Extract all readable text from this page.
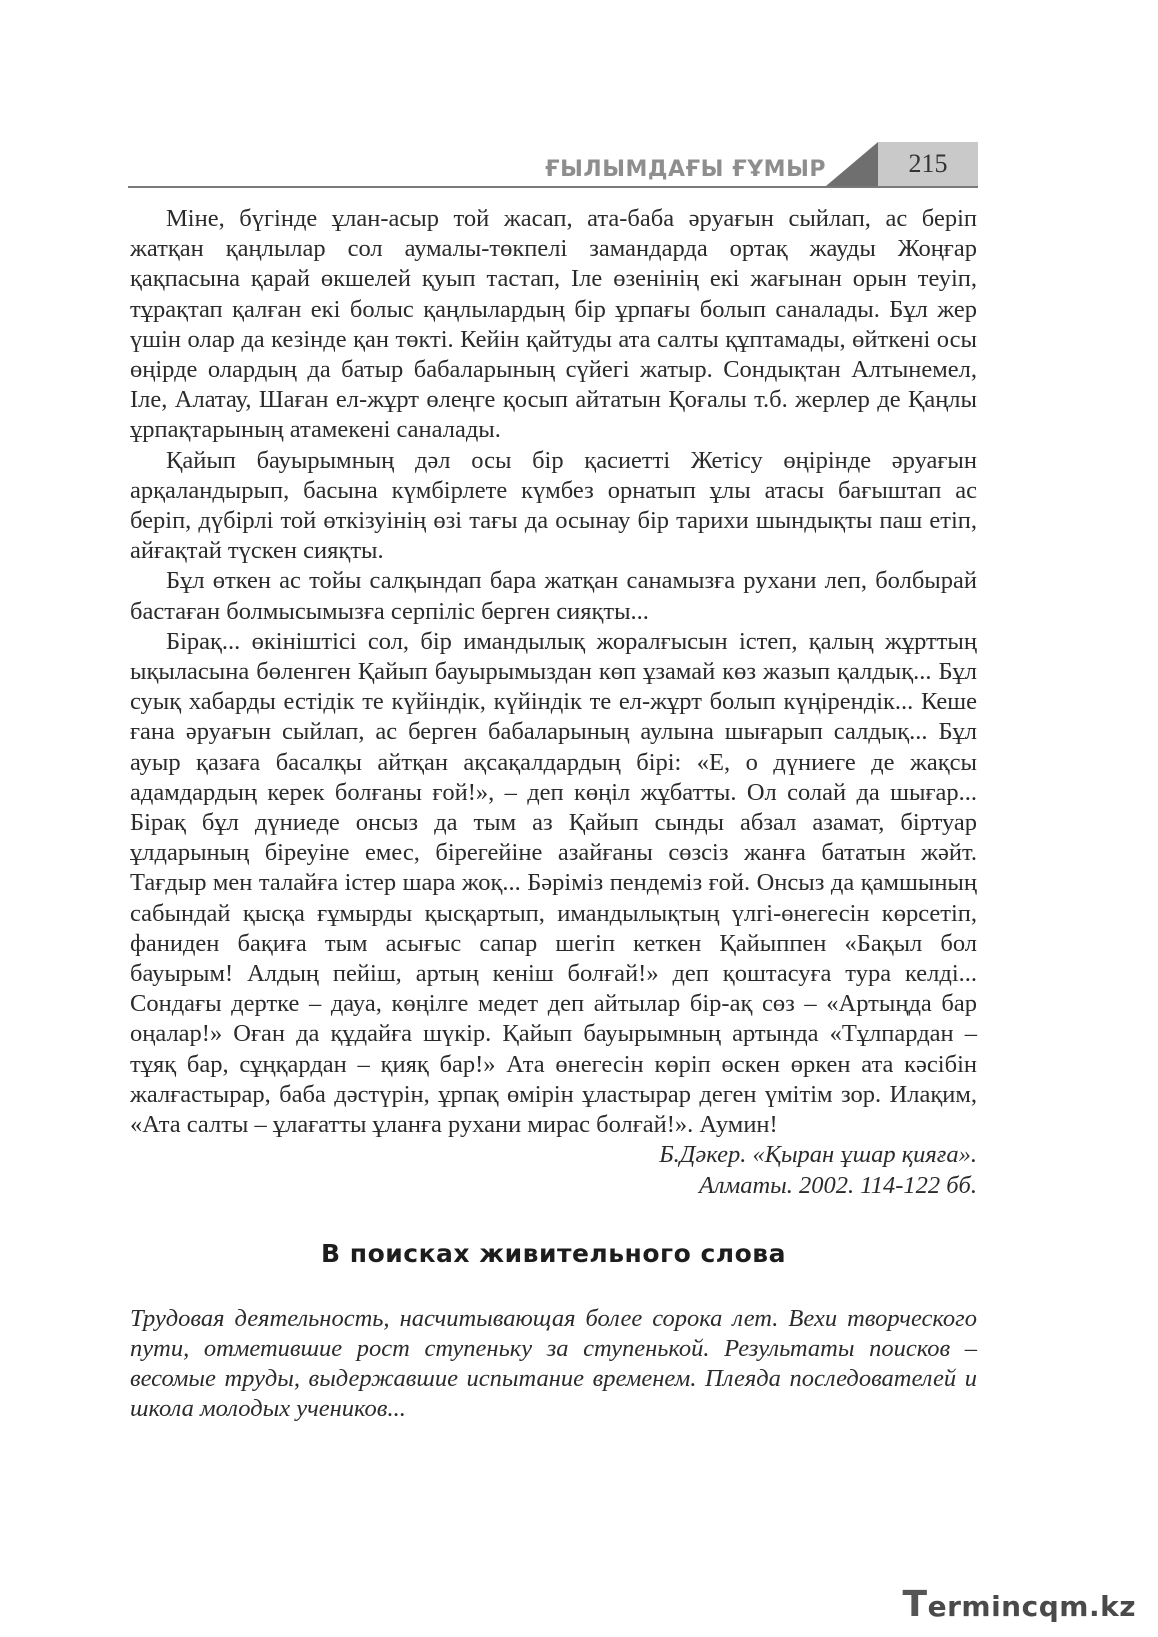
ҒЫЛЫМДАҒЫ ҒҰМЫР	215

Міне, бүгінде ұлан-асыр той жасап, ата-баба әруағын сыйлап, ас беріп жатқан қаңлылар сол аумалы-төкпелі замандарда ортақ жауды Жоңғар қақпасына қарай өкшелей қуып тастап, Іле өзенінің екі жағынан орын теуіп, тұрақтап қалған екі болыс қаңлылардың бір ұрпағы болып саналады. Бұл жер үшін олар да кезінде қан төкті. Кейін қайтуды ата салты құптамады, өйткені осы өңірде олардың да батыр бабаларының сүйегі жатыр. Сондықтан Алтынемел, Іле, Алатау, Шаған ел-жұрт өлеңге қосып айтатын Қоғалы т.б. жерлер де Қаңлы ұрпақтарының атамекені саналады.

Қайып бауырымның дәл осы бір қасиетті Жетісу өңірінде әруағын арқаландырып, басына күмбірлете күмбез орнатып ұлы атасы бағыштап ас беріп, дүбірлі той өткізуінің өзі тағы да осынау бір тарихи шындықты паш етіп, айғақтай түскен сияқты.

Бұл өткен ас тойы салқындап бара жатқан санамызға рухани леп, болбырай бастаған болмысымызға серпіліс берген сияқты...

Бірақ... өкініштісі сол, бір имандылық жоралғысын істеп, қалың жұрттың ықыласына бөленген Қайып бауырымыздан көп ұзамай көз жазып қалдық... Бұл суық хабарды естідік те күйіндік, күйіндік те ел-жұрт болып күңірендік... Кеше ғана әруағын сыйлап, ас берген бабаларының аулына шығарып салдық... Бұл ауыр қазаға басалқы айтқан ақсақалдардың бірі: «Е, о дүниеге де жақсы адамдардың керек болғаны ғой!», – деп көңіл жұбатты. Ол солай да шығар... Бірақ бұл дүниеде онсыз да тым аз Қайып сынды абзал азамат, біртуар ұлдарының біреуіне емес, бірегейіне азайғаны сөзсіз жанға бататын жәйт. Тағдыр мен талайға істер шара жоқ... Бәріміз пендеміз ғой. Онсыз да қамшының сабындай қысқа ғұмырды қысқартып, имандылықтың үлгі-өнегесін көрсетіп, фаниден бақиға тым асығыс сапар шегіп кеткен Қайыппен «Бақыл бол бауырым! Алдың пейіш, артың кеніш болғай!» деп қоштасуға тура келді... Сондағы дертке – дауа, көңілге медет деп айтылар бір-ақ сөз – «Артыңда бар оңалар!» Оған да құдайға шүкір. Қайып бауырымның артында «Тұлпардан – тұяқ бар, сұңқардан – қияқ бар!» Ата өнегесін көріп өскен өркен ата кәсібін жалғастырар, баба дәстүрін, ұрпақ өмірін ұластырар деген үмітім зор. Илақим, «Ата салты – ұлағатты ұланға рухани мирас болғай!». Аумин!

Б.Дәкер. «Қыран ұшар қияға».

Алматы. 2002. 114-122 бб.

В поисках живительного слова

Трудовая деятельность, насчитывающая более сорока лет. Вехи творческого пути, отметившие рост ступеньку за ступенькой. Результаты поисков – весомые труды, выдержавшие испытание временем. Плеяда последователей и школа молодых учеников...

Termincqm.kz
